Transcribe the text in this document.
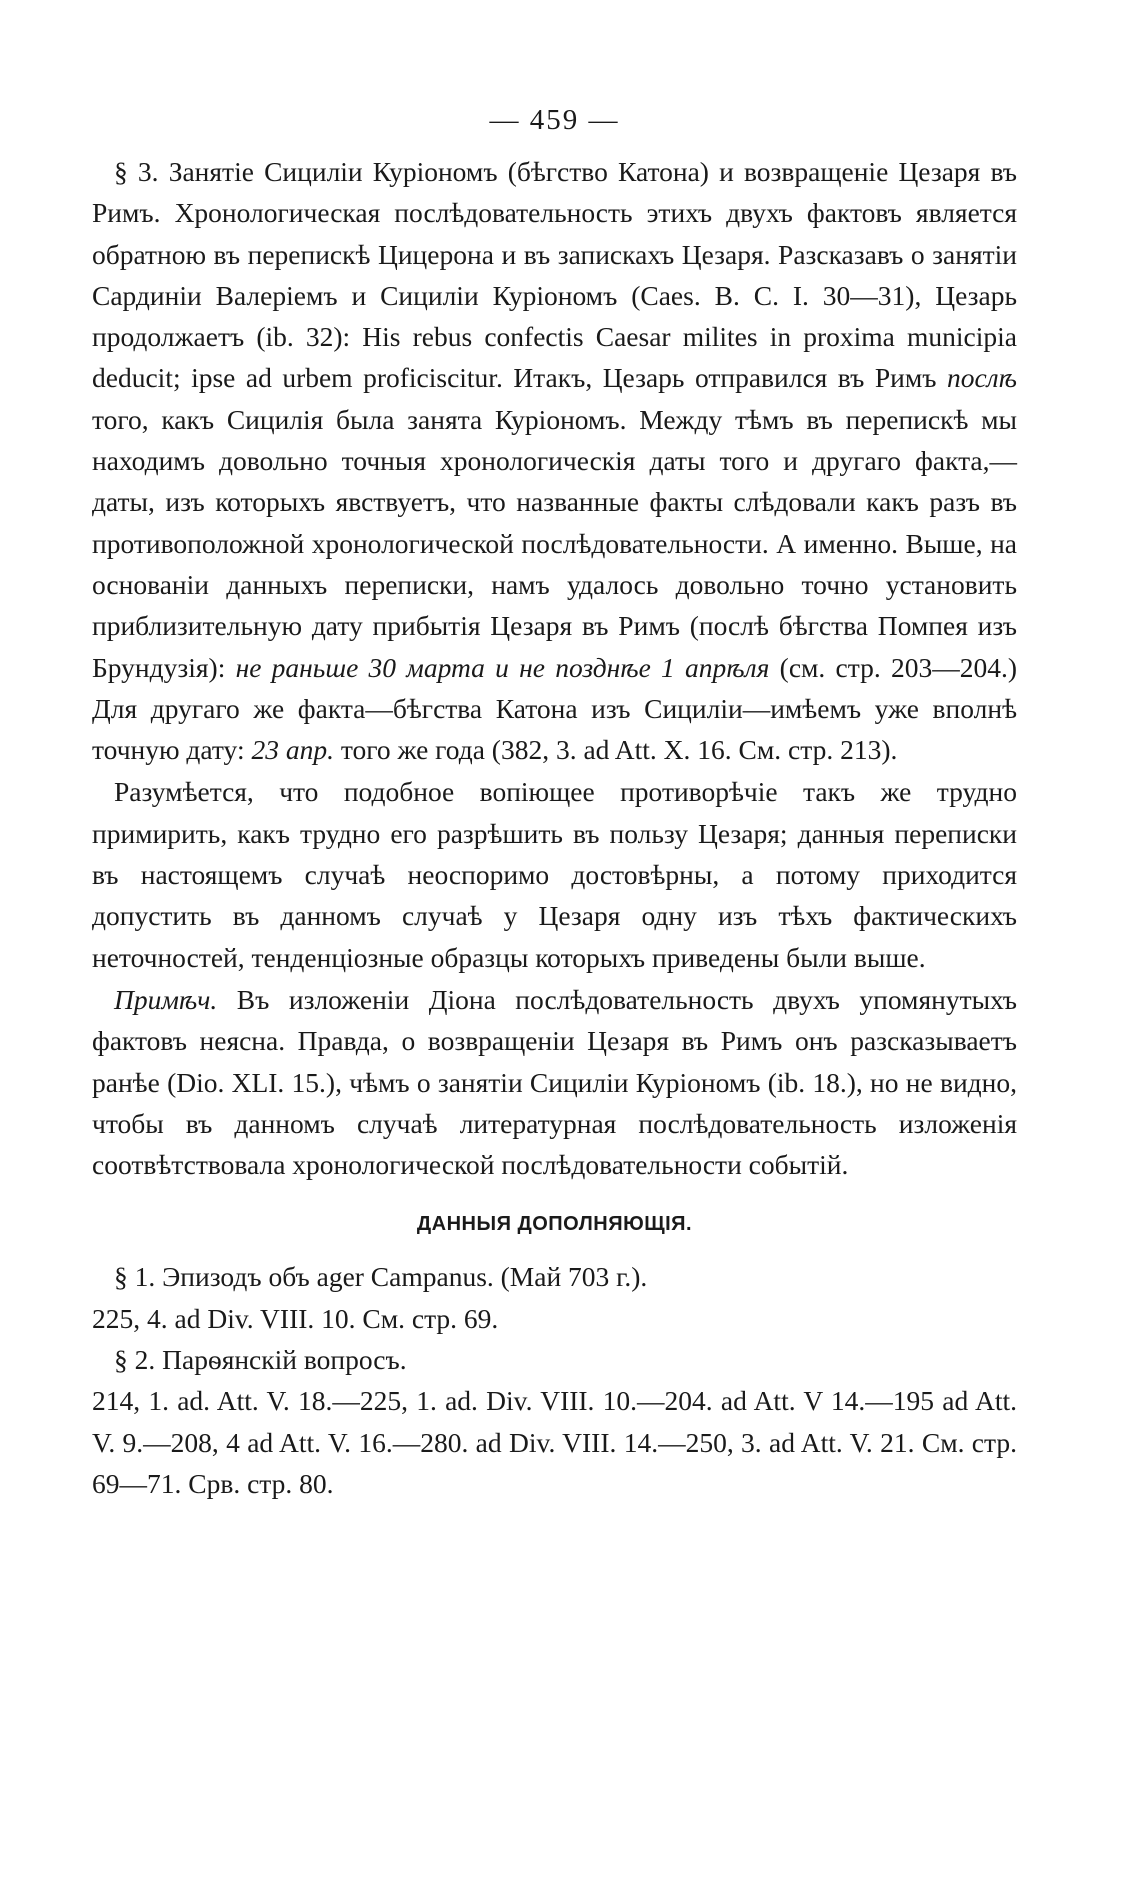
— 459 —

§ 3. Занятіе Сициліи Куріономъ (бѣгство Катона) и возвращеніе Цезаря въ Римъ. Хронологическая послѣдовательность этихъ двухъ фактовъ является обратною въ перепискѣ Цицерона и въ запискахъ Цезаря. Разсказавъ о занятіи Сардиніи Валеріемъ и Сициліи Куріономъ (Caes. B. C. I. 30—31), Цезарь продолжаетъ (ib. 32): His rebus confectis Caesar milites in proxima municipia deducit; ipse ad urbem proficiscitur. Итакъ, Цезарь отправился въ Римъ послѣ того, какъ Сицилія была занята Куріономъ. Между тѣмъ въ перепискѣ мы находимъ довольно точныя хронологическія даты того и другаго факта,—даты, изъ которыхъ явствуетъ, что названные факты слѣдовали какъ разъ въ противоположной хронологической послѣдовательности. А именно. Выше, на основаніи данныхъ переписки, намъ удалось довольно точно установить приблизительную дату прибытія Цезаря въ Римъ (послѣ бѣгства Помпея изъ Брундузія): не раньше 30 марта и не позднѣе 1 апрѣля (см. стр. 203—204.) Для другаго же факта—бѣгства Катона изъ Сициліи—имѣемъ уже вполнѣ точную дату: 23 апр. того же года (382, 3. ad Att. X. 16. См. стр. 213).

Разумѣется, что подобное вопіющее противорѣчіе такъ же трудно примирить, какъ трудно его разрѣшить въ пользу Цезаря; данныя переписки въ настоящемъ случаѣ неоспоримо достовѣрны, а потому приходится допустить въ данномъ случаѣ у Цезаря одну изъ тѣхъ фактическихъ неточностей, тенденціозные образцы которыхъ приведены были выше.

Примѣч. Въ изложеніи Діона послѣдовательность двухъ упомянутыхъ фактовъ неясна. Правда, о возвращеніи Цезаря въ Римъ онъ разсказываетъ ранѣе (Dio. XLI. 15.), чѣмъ о занятіи Сициліи Куріономъ (ib. 18.), но не видно, чтобы въ данномъ случаѣ литературная послѣдовательность изложенія соотвѣтствовала хронологической послѣдовательности событій.

ДАННЫЯ ДОПОЛНЯЮЩІЯ.

§ 1. Эпизодъ объ ager Campanus. (Май 703 г.).

225, 4. ad Div. VIII. 10. См. стр. 69.

§ 2. Парѳянскій вопросъ.

214, 1. ad. Att. V. 18.—225, 1. ad. Div. VIII. 10.—204. ad Att. V 14.—195 ad Att. V. 9.—208, 4 ad Att. V. 16.—280. ad Div. VIII. 14.—250, 3. ad Att. V. 21. См. стр. 69—71. Срв. стр. 80.
